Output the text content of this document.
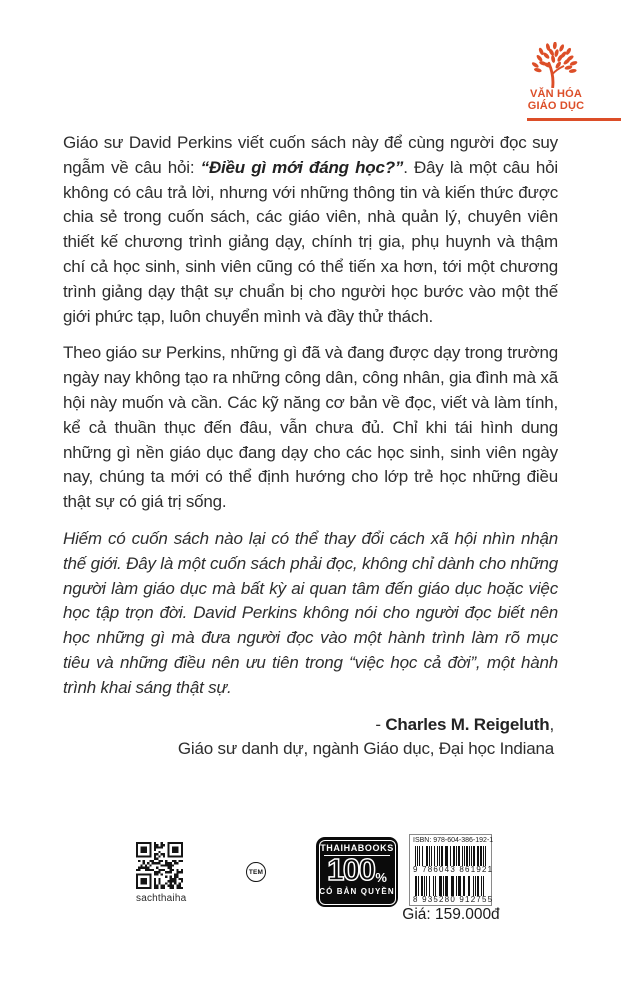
VĂN HÓA
GIÁO DỤC

Giáo sư David Perkins viết cuốn sách này để cùng người đọc suy ngẫm về câu hỏi: “Điều gì mới đáng học?”. Đây là một câu hỏi không có câu trả lời, nhưng với những thông tin và kiến thức được chia sẻ trong cuốn sách, các giáo viên, nhà quản lý, chuyên viên thiết kế chương trình giảng dạy, chính trị gia, phụ huynh và thậm chí cả học sinh, sinh viên cũng có thể tiến xa hơn, tới một chương trình giảng dạy thật sự chuẩn bị cho người học bước vào một thế giới phức tạp, luôn chuyển mình và đầy thử thách.

Theo giáo sư Perkins, những gì đã và đang được dạy trong trường ngày nay không tạo ra những công dân, công nhân, gia đình mà xã hội này muốn và cần. Các kỹ năng cơ bản về đọc, viết và làm tính, kể cả thuần thục đến đâu, vẫn chưa đủ. Chỉ khi tái hình dung những gì nền giáo dục đang dạy cho các học sinh, sinh viên ngày nay, chúng ta mới có thể định hướng cho lớp trẻ học những điều thật sự có giá trị sống.

Hiếm có cuốn sách nào lại có thể thay đổi cách xã hội nhìn nhận thế giới. Đây là một cuốn sách phải đọc, không chỉ dành cho những người làm giáo dục mà bất kỳ ai quan tâm đến giáo dục hoặc việc học tập trọn đời. David Perkins không nói cho người đọc biết nên học những gì mà đưa người đọc vào một hành trình làm rõ mục tiêu và những điều nên ưu tiên trong “việc học cả đời”, một hành trình khai sáng thật sự.

- Charles M. Reigeluth,
Giáo sư danh dự, ngành Giáo dục, Đại học Indiana
sachthaiha
TEM
THAIHABOOKS
100 %
CÓ BẢN QUYỀN
ISBN: 978-604-386-192-1
9 786043 861921
8 935280 912755
Giá: 159.000đ
